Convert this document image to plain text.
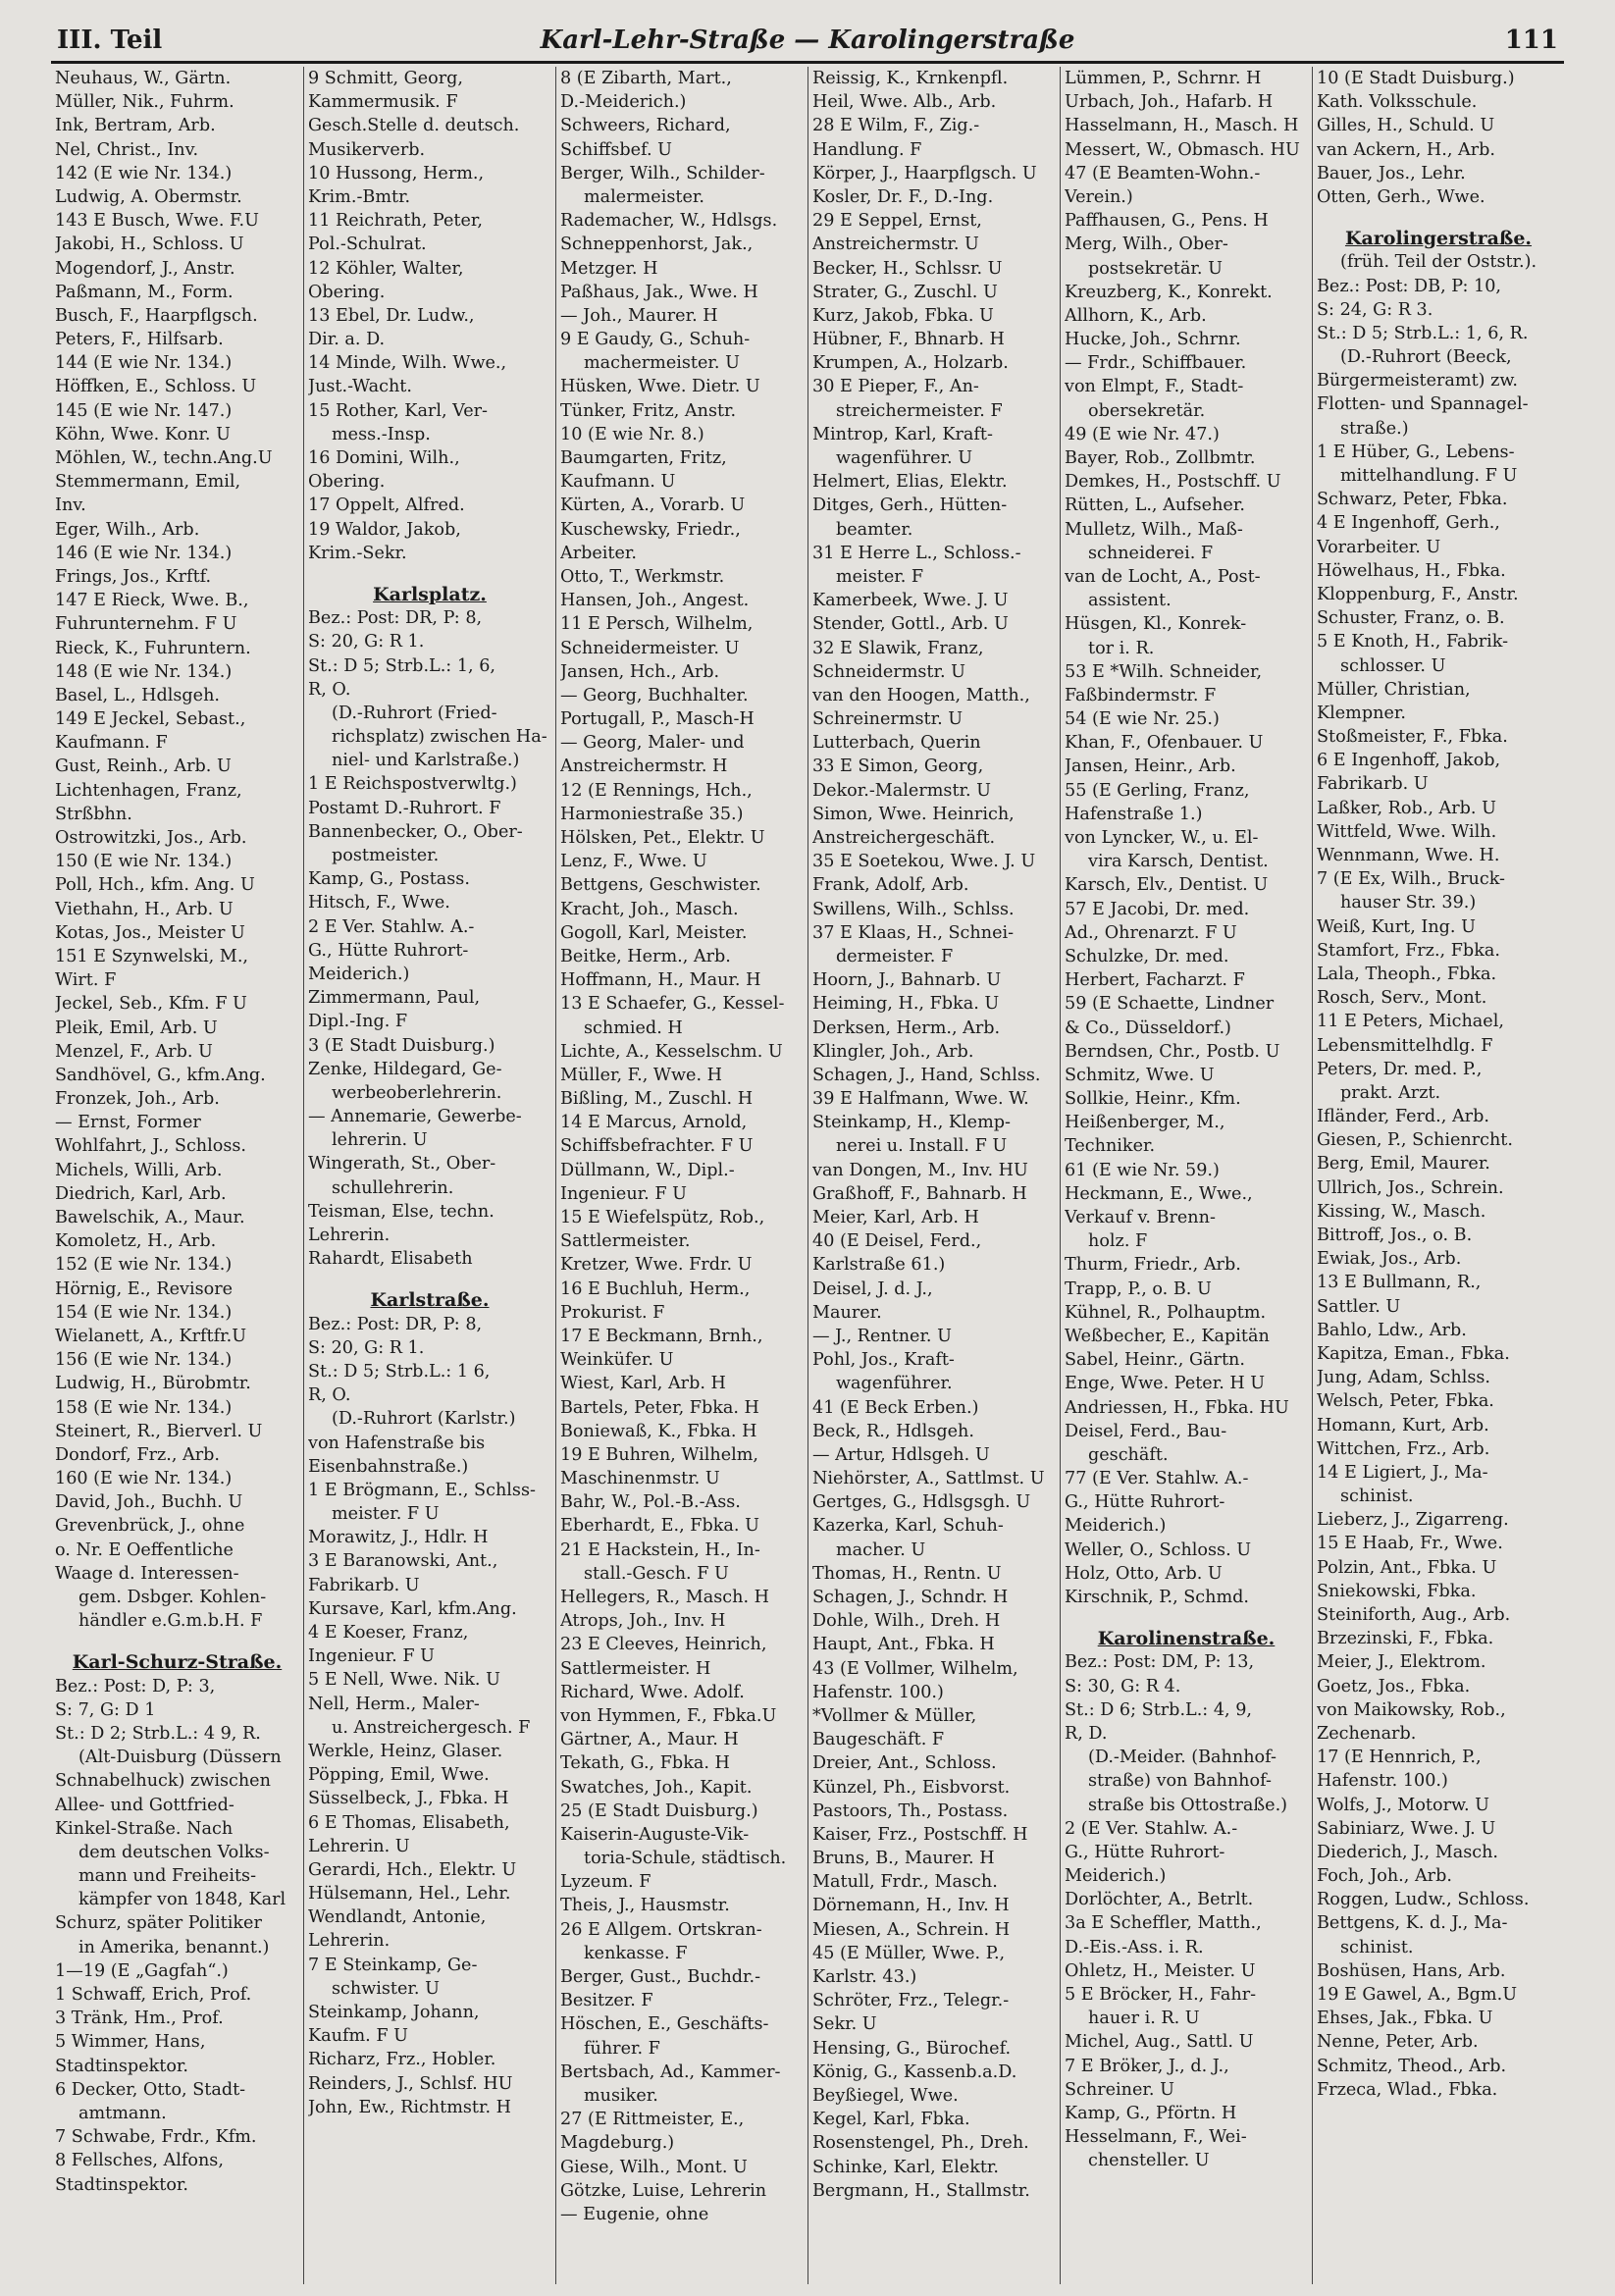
III. Teil	Karl-Lehr-Straße — Karolingerstraße	111
Neuhaus, W., Gärtn.
Müller, Nik., Fuhrm.
Ink, Bertram, Arb.
Nel, Christ., Inv.
142 (E wie Nr. 134.)
Ludwig, A. Obermstr.
143 E Busch, Wwe. F.U
Jakobi, H., Schloss. U
Mogendorf, J., Anstr.
Paßmann, M., Form.
Busch, F., Haarpflgsch.
Peters, F., Hilfsarb.
144 (E wie Nr. 134.)
Höffken, E., Schloss. U
145 (E wie Nr. 147.)
Köhn, Wwe. Konr. U
Möhlen, W., techn.Ang.U
Stemmermann, Emil,
Inv.
Eger, Wilh., Arb.
146 (E wie Nr. 134.)
Frings, Jos., Krftf.
147 E Rieck, Wwe. B.,
Fuhrunternehm. F U
Rieck, K., Fuhruntern.
148 (E wie Nr. 134.)
Basel, L., Hdlsgeh.
149 E Jeckel, Sebast.,
Kaufmann. F
Gust, Reinh., Arb. U
Lichtenhagen, Franz,
Strßbhn.
Ostrowitzki, Jos., Arb.
150 (E wie Nr. 134.)
Poll, Hch., kfm. Ang. U
Viethahn, H., Arb. U
Kotas, Jos., Meister U
151 E Szynwelski, M.,
Wirt. F
Jeckel, Seb., Kfm. F U
Pleik, Emil, Arb. U
Menzel, F., Arb. U
Sandhövel, G., kfm.Ang.
Fronzek, Joh., Arb.
— Ernst, Former
Wohlfahrt, J., Schloss.
Michels, Willi, Arb.
Diedrich, Karl, Arb.
Bawelschik, A., Maur.
Komoletz, H., Arb.
152 (E wie Nr. 134.)
Hörnig, E., Revisore
154 (E wie Nr. 134.)
Wielanett, A., Krftfr.U
156 (E wie Nr. 134.)
Ludwig, H., Bürobmtr.
158 (E wie Nr. 134.)
Steinert, R., Bierverl. U
Dondorf, Frz., Arb.
160 (E wie Nr. 134.)
David, Joh., Buchh. U
Grevenbrück, J., ohne
o. Nr. E Oeffentliche
Waage d. Interessen-
gem. Dsbger. Kohlen-
händler e.G.m.b.H. F
Karl-Schurz-Straße.
Bez.: Post: D, P: 3,
S: 7, G: D 1
St.: D 2; Strb.L.: 4 9, R.
(Alt-Duisburg (Düssern
Schnabelhuck) zwischen
Allee- und Gottfried-
Kinkel-Straße. Nach
dem deutschen Volks-
mann und Freiheits-
kämpfer von 1848, Karl
Schurz, später Politiker
in Amerika, benannt.)
1—19 (E „Gagfah“.)
1 Schwaff, Erich, Prof.
3 Tränk, Hm., Prof.
5 Wimmer, Hans,
Stadtinspektor.
6 Decker, Otto, Stadt-
amtmann.
7 Schwabe, Frdr., Kfm.
8 Fellsches, Alfons,
Stadtinspektor.
9 Schmitt, Georg,
Kammermusik. F
Gesch.Stelle d. deutsch.
Musikerverb.
10 Hussong, Herm.,
Krim.-Bmtr.
11 Reichrath, Peter,
Pol.-Schulrat.
12 Köhler, Walter,
Obering.
13 Ebel, Dr. Ludw.,
Dir. a. D.
14 Minde, Wilh. Wwe.,
Just.-Wacht.
15 Rother, Karl, Ver-
mess.-Insp.
16 Domini, Wilh.,
Obering.
17 Oppelt, Alfred.
19 Waldor, Jakob,
Krim.-Sekr.
Karlsplatz.
Bez.: Post: DR, P: 8,
S: 20, G: R 1.
St.: D 5; Strb.L.: 1, 6,
R, O.
(D.-Ruhrort (Fried-
richsplatz) zwischen Ha-
niel- und Karlstraße.)
1 E Reichspostverwltg.)
Postamt D.-Ruhrort. F
Bannenbecker, O., Ober-
postmeister.
Kamp, G., Postass.
Hitsch, F., Wwe.
2 E Ver. Stahlw. A.-
G., Hütte Ruhrort-
Meiderich.)
Zimmermann, Paul,
Dipl.-Ing. F
3 (E Stadt Duisburg.)
Zenke, Hildegard, Ge-
werbeoberlehrerin.
— Annemarie, Gewerbe-
lehrerin. U
Wingerath, St., Ober-
schullehrerin.
Teisman, Else, techn.
Lehrerin.
Rahardt, Elisabeth
Karlstraße.
Bez.: Post: DR, P: 8,
S: 20, G: R 1.
St.: D 5; Strb.L.: 1 6,
R, O.
(D.-Ruhrort (Karlstr.)
von Hafenstraße bis
Eisenbahnstraße.)
1 E Brögmann, E., Schlss-
meister. F U
Morawitz, J., Hdlr. H
3 E Baranowski, Ant.,
Fabrikarb. U
Kursave, Karl, kfm.Ang.
4 E Koeser, Franz,
Ingenieur. F U
5 E Nell, Wwe. Nik. U
Nell, Herm., Maler-
u. Anstreichergesch. F
Werkle, Heinz, Glaser.
Pöpping, Emil, Wwe.
Süsselbeck, J., Fbka. H
6 E Thomas, Elisabeth,
Lehrerin. U
Gerardi, Hch., Elektr. U
Hülsemann, Hel., Lehr.
Wendlandt, Antonie,
Lehrerin.
7 E Steinkamp, Ge-
schwister. U
Steinkamp, Johann,
Kaufm. F U
Richarz, Frz., Hobler.
Reinders, J., Schlsf. HU
John, Ew., Richtmstr. H
8 (E Zibarth, Mart.,
D.-Meiderich.)
Schweers, Richard,
Schiffsbef. U
Berger, Wilh., Schilder-
malermeister.
Rademacher, W., Hdlsgs.
Schneppenhorst, Jak.,
Metzger. H
Paßhaus, Jak., Wwe. H
— Joh., Maurer. H
9 E Gaudy, G., Schuh-
machermeister. U
Hüsken, Wwe. Dietr. U
Tünker, Fritz, Anstr.
10 (E wie Nr. 8.)
Baumgarten, Fritz,
Kaufmann. U
Kürten, A., Vorarb. U
Kuschewsky, Friedr.,
Arbeiter.
Otto, T., Werkmstr.
Hansen, Joh., Angest.
11 E Persch, Wilhelm,
Schneidermeister. U
Jansen, Hch., Arb.
— Georg, Buchhalter.
Portugall, P., Masch-H
— Georg, Maler- und
Anstreichermstr. H
12 (E Rennings, Hch.,
Harmoniestraße 35.)
Hölsken, Pet., Elektr. U
Lenz, F., Wwe. U
Bettgens, Geschwister.
Kracht, Joh., Masch.
Gogoll, Karl, Meister.
Beitke, Herm., Arb.
Hoffmann, H., Maur. H
13 E Schaefer, G., Kessel-
schmied. H
Lichte, A., Kesselschm. U
Müller, F., Wwe. H
Bißling, M., Zuschl. H
14 E Marcus, Arnold,
Schiffsbefrachter. F U
Düllmann, W., Dipl.-
Ingenieur. F U
15 E Wiefelspütz, Rob.,
Sattlermeister.
Kretzer, Wwe. Frdr. U
16 E Buchluh, Herm.,
Prokurist. F
17 E Beckmann, Brnh.,
Weinküfer. U
Wiest, Karl, Arb. H
Bartels, Peter, Fbka. H
Boniewaß, K., Fbka. H
19 E Buhren, Wilhelm,
Maschinenmstr. U
Bahr, W., Pol.-B.-Ass.
Eberhardt, E., Fbka. U
21 E Hackstein, H., In-
stall.-Gesch. F U
Hellegers, R., Masch. H
Atrops, Joh., Inv. H
23 E Cleeves, Heinrich,
Sattlermeister. H
Richard, Wwe. Adolf.
von Hymmen, F., Fbka.U
Gärtner, A., Maur. H
Tekath, G., Fbka. H
Swatches, Joh., Kapit.
25 (E Stadt Duisburg.)
Kaiserin-Auguste-Vik-
toria-Schule, städtisch.
Lyzeum. F
Theis, J., Hausmstr.
26 E Allgem. Ortskran-
kenkasse. F
Berger, Gust., Buchdr.-
Besitzer. F
Höschen, E., Geschäfts-
führer. F
Bertsbach, Ad., Kammer-
musiker.
27 (E Rittmeister, E.,
Magdeburg.)
Giese, Wilh., Mont. U
Götzke, Luise, Lehrerin
— Eugenie, ohne
Reissig, K., Krnkenpfl.
Heil, Wwe. Alb., Arb.
28 E Wilm, F., Zig.-
Handlung. F
Körper, J., Haarpflgsch. U
Kosler, Dr. F., D.-Ing.
29 E Seppel, Ernst,
Anstreichermstr. U
Becker, H., Schlssr. U
Strater, G., Zuschl. U
Kurz, Jakob, Fbka. U
Hübner, F., Bhnarb. H
Krumpen, A., Holzarb.
30 E Pieper, F., An-
streichermeister. F
Mintrop, Karl, Kraft-
wagenführer. U
Helmert, Elias, Elektr.
Ditges, Gerh., Hütten-
beamter.
31 E Herre L., Schloss.-
meister. F
Kamerbeek, Wwe. J. U
Stender, Gottl., Arb. U
32 E Slawik, Franz,
Schneidermstr. U
van den Hoogen, Matth.,
Schreinermstr. U
Lutterbach, Querin
33 E Simon, Georg,
Dekor.-Malermstr. U
Simon, Wwe. Heinrich,
Anstreichergeschäft.
35 E Soetekou, Wwe. J. U
Frank, Adolf, Arb.
Swillens, Wilh., Schlss.
37 E Klaas, H., Schnei-
dermeister. F
Hoorn, J., Bahnarb. U
Heiming, H., Fbka. U
Derksen, Herm., Arb.
Klingler, Joh., Arb.
Schagen, J., Hand, Schlss.
39 E Halfmann, Wwe. W.
Steinkamp, H., Klemp-
nerei u. Install. F U
van Dongen, M., Inv. HU
Graßhoff, F., Bahnarb. H
Meier, Karl, Arb. H
40 (E Deisel, Ferd.,
Karlstraße 61.)
Deisel, J. d. J.,
Maurer.
— J., Rentner. U
Pohl, Jos., Kraft-
wagenführer.
41 (E Beck Erben.)
Beck, R., Hdlsgeh.
— Artur, Hdlsgeh. U
Niehörster, A., Sattlmst. U
Gertges, G., Hdlsgsgh. U
Kazerka, Karl, Schuh-
macher. U
Thomas, H., Rentn. U
Schagen, J., Schndr. H
Dohle, Wilh., Dreh. H
Haupt, Ant., Fbka. H
43 (E Vollmer, Wilhelm,
Hafenstr. 100.)
*Vollmer & Müller,
Baugeschäft. F
Dreier, Ant., Schloss.
Künzel, Ph., Eisbvorst.
Pastoors, Th., Postass.
Kaiser, Frz., Postschff. H
Bruns, B., Maurer. H
Matull, Frdr., Masch.
Dörnemann, H., Inv. H
Miesen, A., Schrein. H
45 (E Müller, Wwe. P.,
Karlstr. 43.)
Schröter, Frz., Telegr.-
Sekr. U
Hensing, G., Bürochef.
König, G., Kassenb.a.D.
Beyßiegel, Wwe.
Kegel, Karl, Fbka.
Rosenstengel, Ph., Dreh.
Schinke, Karl, Elektr.
Bergmann, H., Stallmstr.
Lümmen, P., Schrnr. H
Urbach, Joh., Hafarb. H
Hasselmann, H., Masch. H
Messert, W., Obmasch. HU
47 (E Beamten-Wohn.-
Verein.)
Paffhausen, G., Pens. H
Merg, Wilh., Ober-
postsekretär. U
Kreuzberg, K., Konrekt.
Allhorn, K., Arb.
Hucke, Joh., Schrnr.
— Frdr., Schiffbauer.
von Elmpt, F., Stadt-
obersekretär.
49 (E wie Nr. 47.)
Bayer, Rob., Zollbmtr.
Demkes, H., Postschff. U
Rütten, L., Aufseher.
Mulletz, Wilh., Maß-
schneiderei. F
van de Locht, A., Post-
assistent.
Hüsgen, Kl., Konrek-
tor i. R.
53 E *Wilh. Schneider,
Faßbindermstr. F
54 (E wie Nr. 25.)
Khan, F., Ofenbauer. U
Jansen, Heinr., Arb.
55 (E Gerling, Franz,
Hafenstraße 1.)
von Lyncker, W., u. El-
vira Karsch, Dentist.
Karsch, Elv., Dentist. U
57 E Jacobi, Dr. med.
Ad., Ohrenarzt. F U
Schulzke, Dr. med.
Herbert, Facharzt. F
59 (E Schaette, Lindner
& Co., Düsseldorf.)
Berndsen, Chr., Postb. U
Schmitz, Wwe. U
Sollkie, Heinr., Kfm.
Heißenberger, M.,
Techniker.
61 (E wie Nr. 59.)
Heckmann, E., Wwe.,
Verkauf v. Brenn-
holz. F
Thurm, Friedr., Arb.
Trapp, P., o. B. U
Kühnel, R., Polhauptm.
Weßbecher, E., Kapitän
Sabel, Heinr., Gärtn.
Enge, Wwe. Peter. H U
Andriessen, H., Fbka. HU
Deisel, Ferd., Bau-
geschäft.
77 (E Ver. Stahlw. A.-
G., Hütte Ruhrort-
Meiderich.)
Weller, O., Schloss. U
Holz, Otto, Arb. U
Kirschnik, P., Schmd.
Karolinenstraße.
Bez.: Post: DM, P: 13,
S: 30, G: R 4.
St.: D 6; Strb.L.: 4, 9,
R, D.
(D.-Meider. (Bahnhof-
straße) von Bahnhof-
straße bis Ottostraße.)
2 (E Ver. Stahlw. A.-
G., Hütte Ruhrort-
Meiderich.)
Dorlöchter, A., Betrlt.
3a E Scheffler, Matth.,
D.-Eis.-Ass. i. R.
Ohletz, H., Meister. U
5 E Bröcker, H., Fahr-
hauer i. R. U
Michel, Aug., Sattl. U
7 E Bröker, J., d. J.,
Schreiner. U
Kamp, G., Pförtn. H
Hesselmann, F., Wei-
chensteller. U
10 (E Stadt Duisburg.)
Kath. Volksschule.
Gilles, H., Schuld. U
van Ackern, H., Arb.
Bauer, Jos., Lehr.
Otten, Gerh., Wwe.
Karolingerstraße.
(früh. Teil der Oststr.).
Bez.: Post: DB, P: 10,
S: 24, G: R 3.
St.: D 5; Strb.L.: 1, 6, R.
(D.-Ruhrort (Beeck,
Bürgermeisteramt) zw.
Flotten- und Spannagel-
straße.)
1 E Hüber, G., Lebens-
mittelhandlung. F U
Schwarz, Peter, Fbka.
4 E Ingenhoff, Gerh.,
Vorarbeiter. U
Höwelhaus, H., Fbka.
Kloppenburg, F., Anstr.
Schuster, Franz, o. B.
5 E Knoth, H., Fabrik-
schlosser. U
Müller, Christian,
Klempner.
Stoßmeister, F., Fbka.
6 E Ingenhoff, Jakob,
Fabrikarb. U
Laßker, Rob., Arb. U
Wittfeld, Wwe. Wilh.
Wennmann, Wwe. H.
7 (E Ex, Wilh., Bruck-
hauser Str. 39.)
Weiß, Kurt, Ing. U
Stamfort, Frz., Fbka.
Lala, Theoph., Fbka.
Rosch, Serv., Mont.
11 E Peters, Michael,
Lebensmittelhdlg. F
Peters, Dr. med. P.,
prakt. Arzt.
Ifländer, Ferd., Arb.
Giesen, P., Schienrcht.
Berg, Emil, Maurer.
Ullrich, Jos., Schrein.
Kissing, W., Masch.
Bittroff, Jos., o. B.
Ewiak, Jos., Arb.
13 E Bullmann, R.,
Sattler. U
Bahlo, Ldw., Arb.
Kapitza, Eman., Fbka.
Jung, Adam, Schlss.
Welsch, Peter, Fbka.
Homann, Kurt, Arb.
Wittchen, Frz., Arb.
14 E Ligiert, J., Ma-
schinist.
Lieberz, J., Zigarreng.
15 E Haab, Fr., Wwe.
Polzin, Ant., Fbka. U
Sniekowski, Fbka.
Steiniforth, Aug., Arb.
Brzezinski, F., Fbka.
Meier, J., Elektrom.
Goetz, Jos., Fbka.
von Maikowsky, Rob.,
Zechenarb.
17 (E Hennrich, P.,
Hafenstr. 100.)
Wolfs, J., Motorw. U
Sabiniarz, Wwe. J. U
Diederich, J., Masch.
Foch, Joh., Arb.
Roggen, Ludw., Schloss.
Bettgens, K. d. J., Ma-
schinist.
Boshüsen, Hans, Arb.
19 E Gawel, A., Bgm.U
Ehses, Jak., Fbka. U
Nenne, Peter, Arb.
Schmitz, Theod., Arb.
Frzeca, Wlad., Fbka.
